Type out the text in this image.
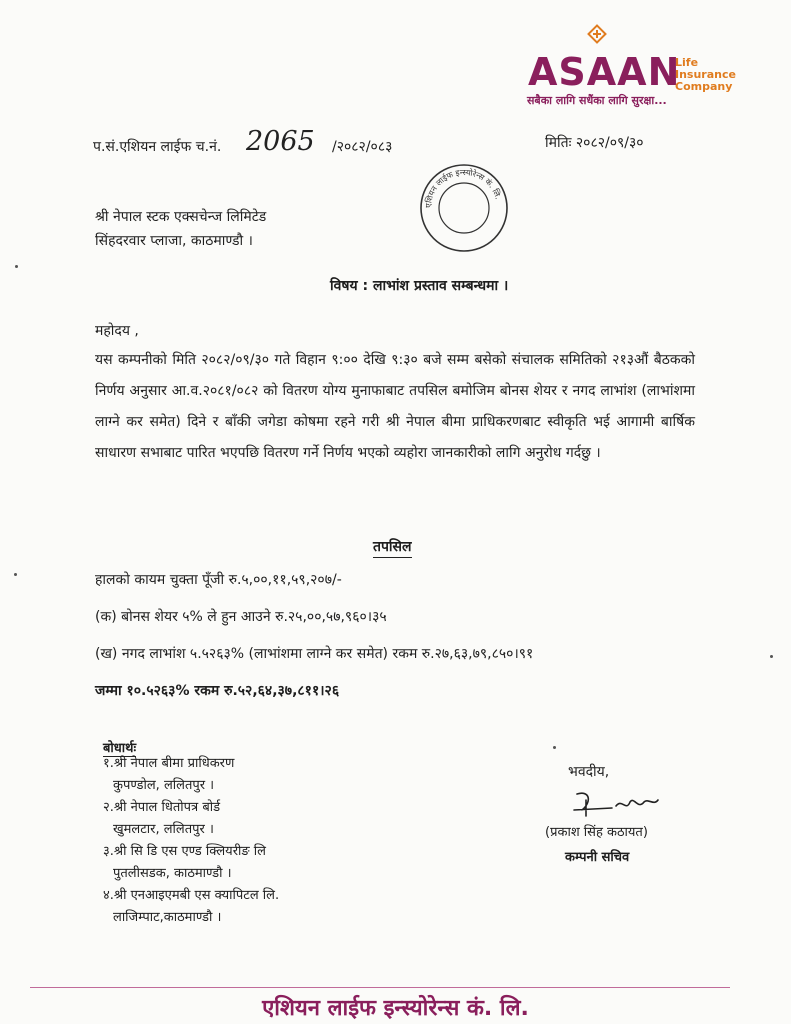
ASAAN
Life Insurance Company
सबैका लागि सधैंका लागि सुरक्षा...
प.सं.एशियन लाईफ च.नं. 2065 /२०८२/०८३	मितिः २०८२/०९/३०
एशियन लाईफ इन्स्योरेन्स कं. लि.
श्री नेपाल स्टक एक्सचेन्ज लिमिटेड
सिंहदरवार प्लाजा, काठमाण्डौ ।
विषय : लाभांश प्रस्ताव सम्बन्धमा ।
महोदय ,
यस कम्पनीको मिति २०८२/०९/३० गते विहान ९:०० देखि ९:३० बजे सम्म बसेको संचालक समितिको २१३औं बैठकको निर्णय अनुसार आ.व.२०८१/०८२ को वितरण योग्य मुनाफाबाट तपसिल बमोजिम बोनस शेयर र नगद लाभांश (लाभांशमा लाग्ने कर समेत) दिने र बाँकी जगेडा कोषमा रहने गरी श्री नेपाल बीमा प्राधिकरणबाट स्वीकृति भई आगामी बार्षिक साधारण सभाबाट पारित भएपछि वितरण गर्ने निर्णय भएको व्यहोरा जानकारीको लागि अनुरोध गर्दछु ।
तपसिल
हालको कायम चुक्ता पूँजी रु.५,००,११,५९,२०७/-
(क) बोनस शेयर ५% ले हुन आउने रु.२५,००,५७,९६०।३५
(ख) नगद लाभांश ५.५२६३% (लाभांशमा लाग्ने कर समेत) रकम रु.२७,६३,७९,८५०।९१
जम्मा १०.५२६३% रकम रु.५२,६४,३७,८११।२६
बोधार्थः
१.श्री नेपाल बीमा प्राधिकरण
कुपण्डोल, ललितपुर ।
२.श्री नेपाल धितोपत्र बोर्ड
खुमलटार, ललितपुर ।
३.श्री सि डि एस एण्ड क्लियरीङ लि
पुतलीसडक, काठमाण्डौ ।
४.श्री एनआइएमबी एस क्यापिटल लि.
लाजिम्पाट,काठमाण्डौ ।
भवदीय,
(प्रकाश सिंह कठायत)
कम्पनी सचिव
एशियन लाईफ इन्स्योरेन्स कं. लि.
